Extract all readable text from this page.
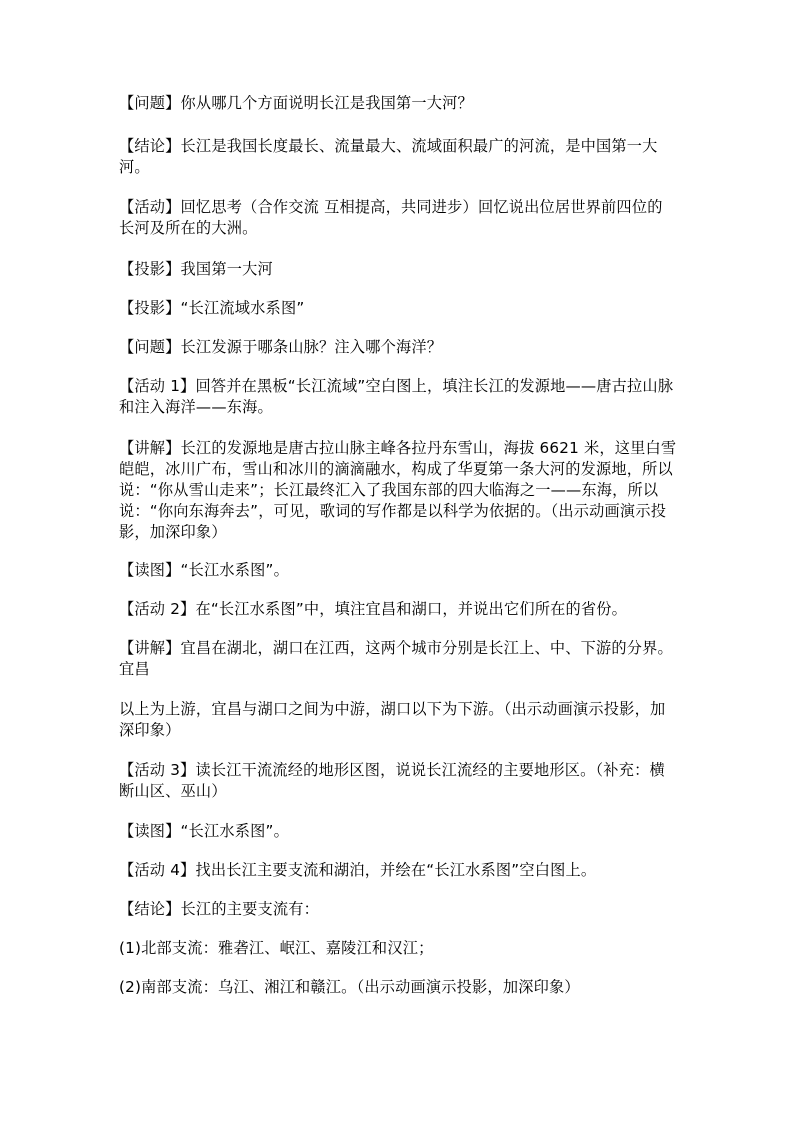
【问题】你从哪几个方面说明长江是我国第一大河？

【结论】长江是我国长度最长、流量最大、流域面积最广的河流，是中国第一大河。

【活动】回忆思考（合作交流 互相提高，共同进步）回忆说出位居世界前四位的长河及所在的大洲。

【投影】我国第一大河

【投影】“长江流域水系图”

【问题】长江发源于哪条山脉？注入哪个海洋？

【活动 1】回答并在黑板“长江流域”空白图上，填注长江的发源地——唐古拉山脉和注入海洋——东海。

【讲解】长江的发源地是唐古拉山脉主峰各拉丹东雪山，海拔 6621 米，这里白雪皑皑，冰川广布，雪山和冰川的滴滴融水，构成了华夏第一条大河的发源地，所以说：“你从雪山走来”；长江最终汇入了我国东部的四大临海之一——东海，所以说：“你向东海奔去”，可见，歌词的写作都是以科学为依据的。（出示动画演示投影，加深印象）

【读图】“长江水系图”。

【活动 2】在“长江水系图”中，填注宜昌和湖口，并说出它们所在的省份。

【讲解】宜昌在湖北，湖口在江西，这两个城市分别是长江上、中、下游的分界。宜昌

以上为上游，宜昌与湖口之间为中游，湖口以下为下游。（出示动画演示投影，加深印象）

【活动 3】读长江干流流经的地形区图，说说长江流经的主要地形区。（补充：横断山区、巫山）

【读图】“长江水系图”。

【活动 4】找出长江主要支流和湖泊，并绘在“长江水系图”空白图上。

【结论】长江的主要支流有：

(1)北部支流：雅砻江、岷江、嘉陵江和汉江；

(2)南部支流：乌江、湘江和赣江。（出示动画演示投影，加深印象）
